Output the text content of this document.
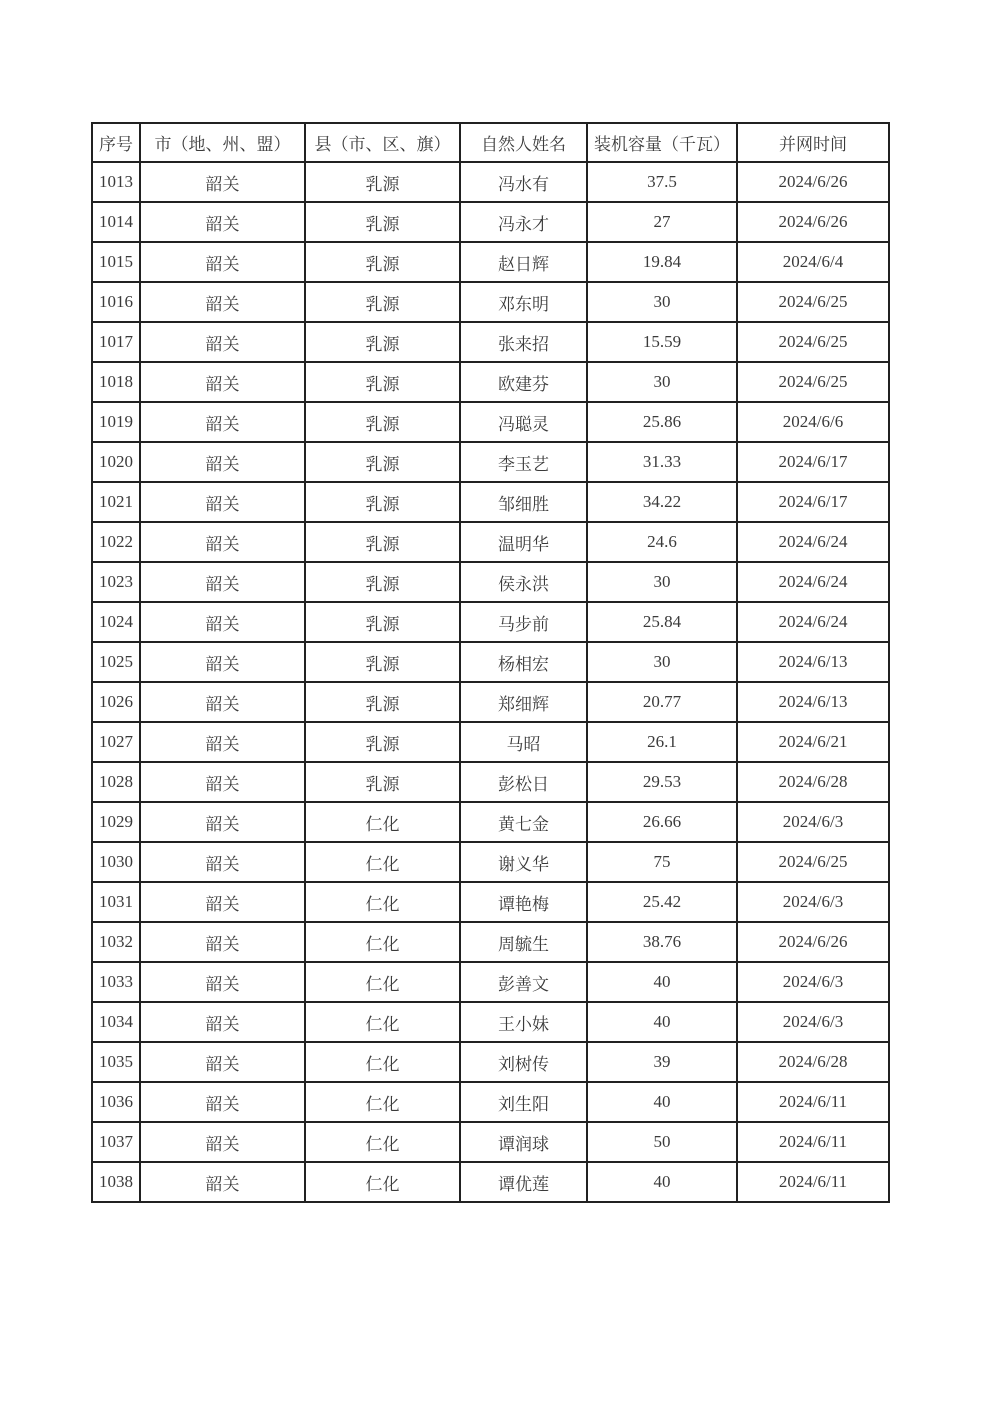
序号	市（地、州、盟）	县（市、区、旗）	自然人姓名	装机容量（千瓦）	并网时间
1013	韶关	乳源	冯水有	37.5	2024/6/26
1014	韶关	乳源	冯永才	27	2024/6/26
1015	韶关	乳源	赵日辉	19.84	2024/6/4
1016	韶关	乳源	邓东明	30	2024/6/25
1017	韶关	乳源	张来招	15.59	2024/6/25
1018	韶关	乳源	欧建芬	30	2024/6/25
1019	韶关	乳源	冯聪灵	25.86	2024/6/6
1020	韶关	乳源	李玉艺	31.33	2024/6/17
1021	韶关	乳源	邹细胜	34.22	2024/6/17
1022	韶关	乳源	温明华	24.6	2024/6/24
1023	韶关	乳源	侯永洪	30	2024/6/24
1024	韶关	乳源	马步前	25.84	2024/6/24
1025	韶关	乳源	杨相宏	30	2024/6/13
1026	韶关	乳源	郑细辉	20.77	2024/6/13
1027	韶关	乳源	马昭	26.1	2024/6/21
1028	韶关	乳源	彭松日	29.53	2024/6/28
1029	韶关	仁化	黄七金	26.66	2024/6/3
1030	韶关	仁化	谢义华	75	2024/6/25
1031	韶关	仁化	谭艳梅	25.42	2024/6/3
1032	韶关	仁化	周毓生	38.76	2024/6/26
1033	韶关	仁化	彭善文	40	2024/6/3
1034	韶关	仁化	王小妹	40	2024/6/3
1035	韶关	仁化	刘树传	39	2024/6/28
1036	韶关	仁化	刘生阳	40	2024/6/11
1037	韶关	仁化	谭润球	50	2024/6/11
1038	韶关	仁化	谭优莲	40	2024/6/11
